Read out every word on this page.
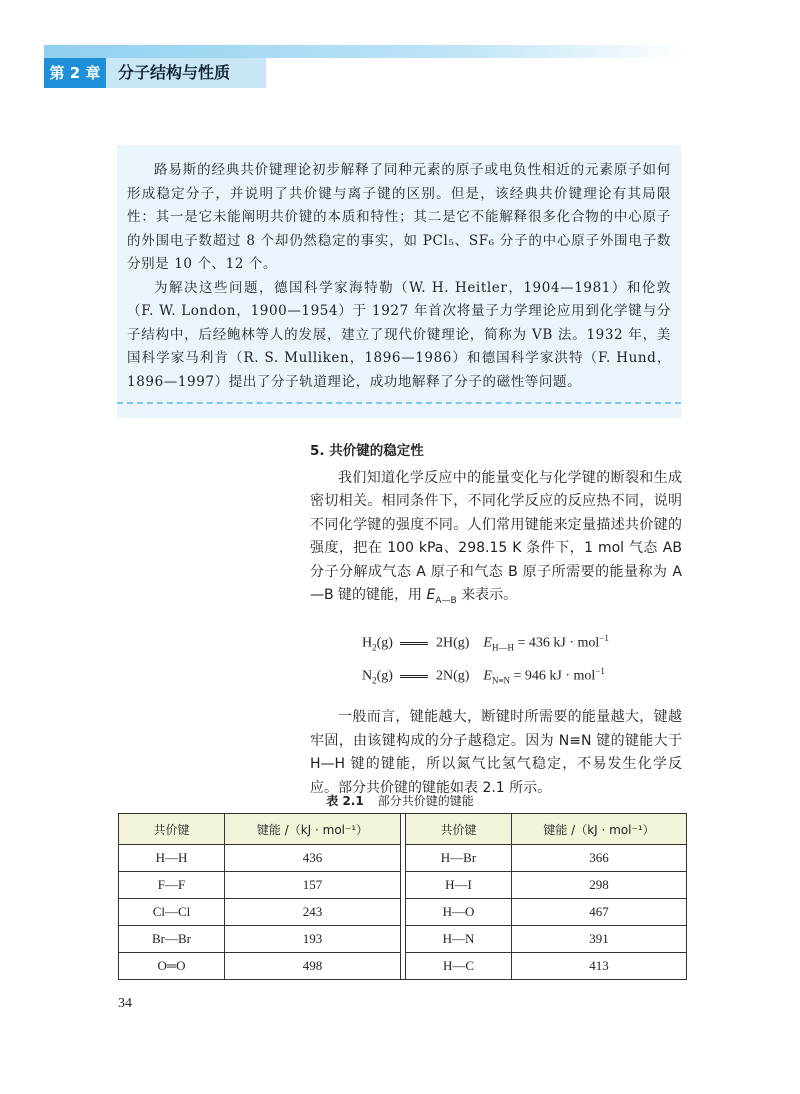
第 2 章	分子结构与性质

路易斯的经典共价键理论初步解释了同种元素的原子或电负性相近的元素原子如何形成稳定分子，并说明了共价键与离子键的区别。但是，该经典共价键理论有其局限性：其一是它未能阐明共价键的本质和特性；其二是它不能解释很多化合物的中心原子的外围电子数超过 8 个却仍然稳定的事实，如 PCl₅、SF₆ 分子的中心原子外围电子数分别是 10 个、12 个。

为解决这些问题，德国科学家海特勒（W. H. Heitler，1904—1981）和伦敦（F. W. London，1900—1954）于 1927 年首次将量子力学理论应用到化学键与分子结构中，后经鲍林等人的发展，建立了现代价键理论，简称为 VB 法。1932 年，美国科学家马利肯（R. S. Mulliken，1896—1986）和德国科学家洪特（F. Hund，1896—1997）提出了分子轨道理论，成功地解释了分子的磁性等问题。

5. 共价键的稳定性

我们知道化学反应中的能量变化与化学键的断裂和生成密切相关。相同条件下，不同化学反应的反应热不同，说明不同化学键的强度不同。人们常用键能来定量描述共价键的强度，把在 100 kPa、298.15 K 条件下，1 mol 气态 AB 分子分解成气态 A 原子和气态 B 原子所需要的能量称为 A—B 键的键能，用 $E_{A—B}$ 来表示。

$H_2(g)$	2H(g) $E_{H—H} = 436$ kJ · mol$^{-1}$
$N_2(g)$	2N(g) $E_{N\equiv N} = 946$ kJ · mol$^{-1}$

一般而言，键能越大，断键时所需要的能量越大，键越牢固，由该键构成的分子越稳定。因为 N≡N 键的键能大于 H—H 键的键能，所以氮气比氢气稳定，不易发生化学反应。部分共价键的键能如表 2.1 所示。

表 2.1 部分共价键的键能
共价键	键能 /（kJ · mol⁻¹）		共价键	键能 /（kJ · mol⁻¹）
H—H	436		H—Br	366
F—F	157		H—I	298
Cl—Cl	243		H—O	467
Br—Br	193		H—N	391
O═O	498		H—C	413
34
